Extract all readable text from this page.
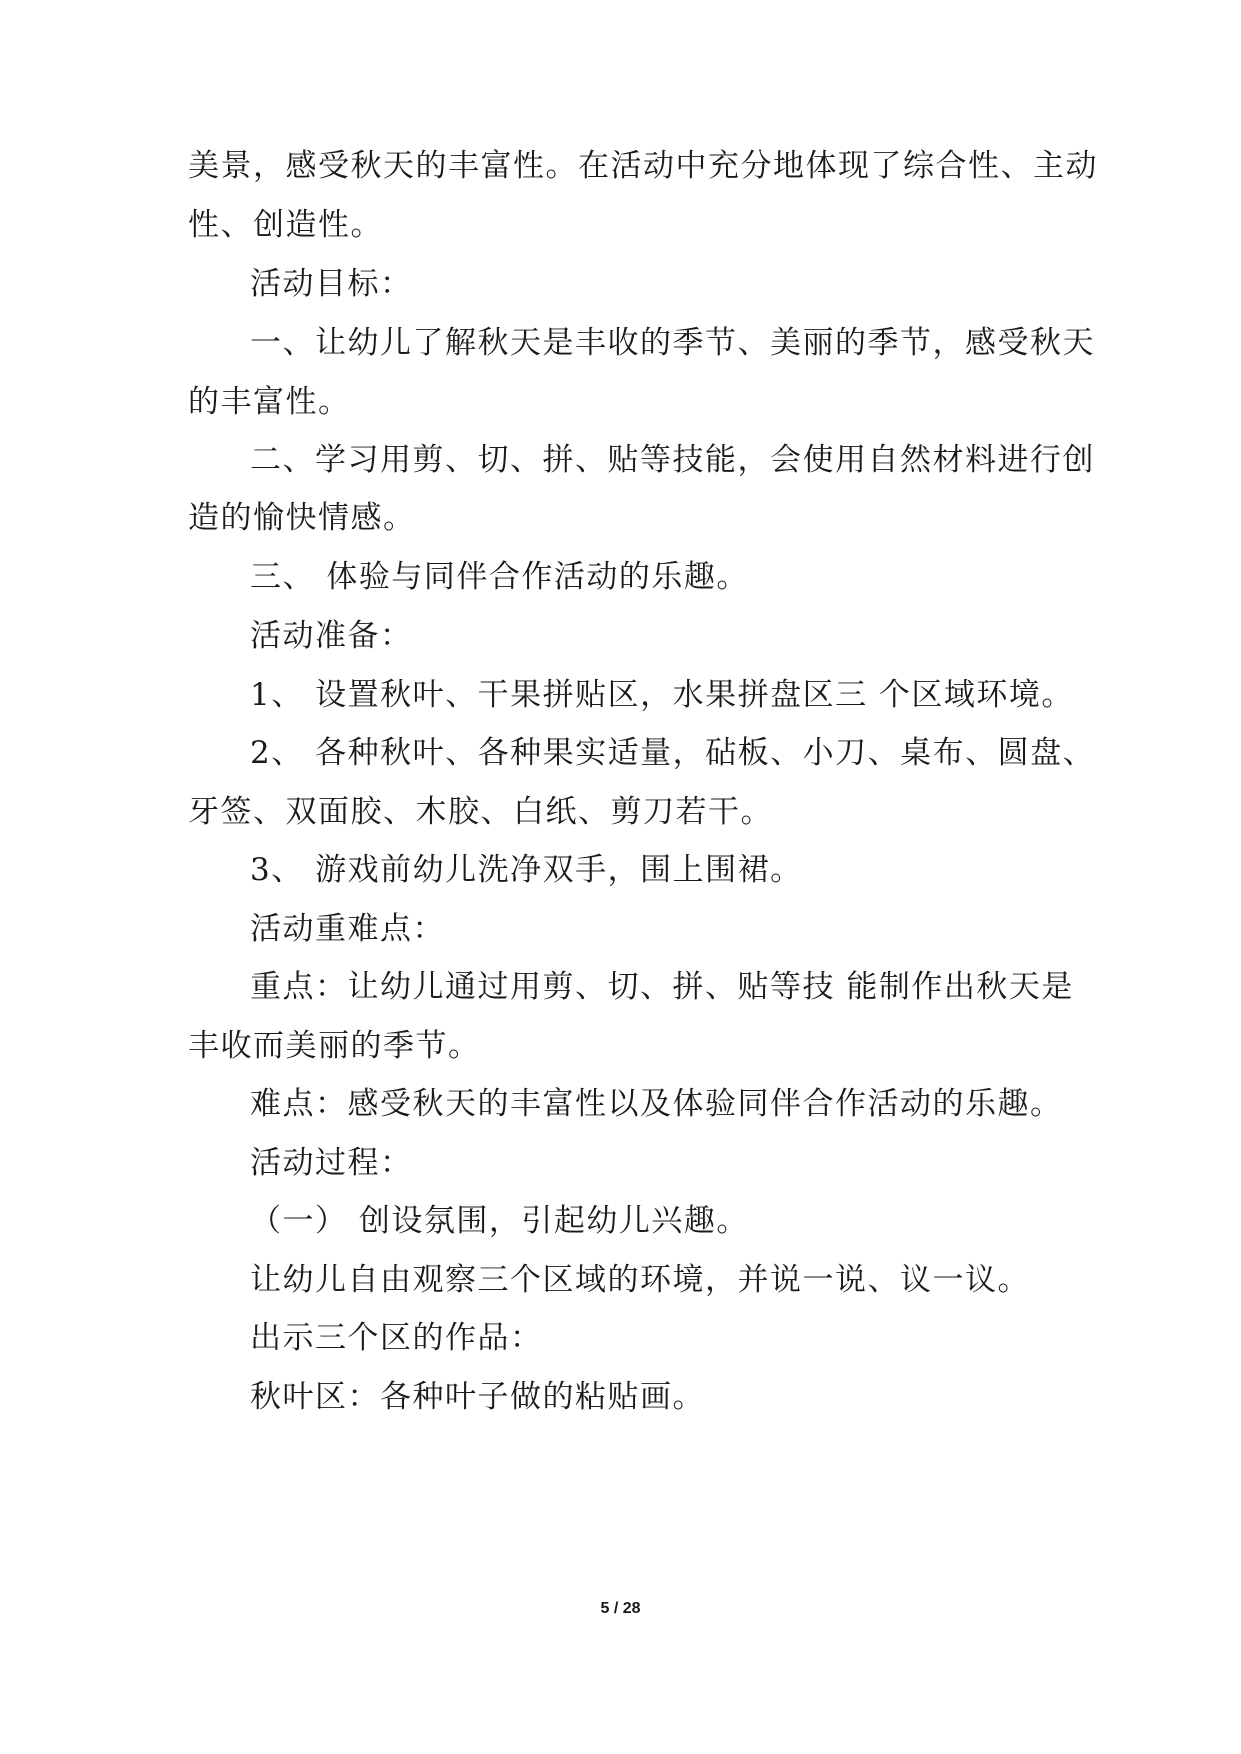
美景，感受秋天的丰富性。在活动中充分地体现了综合性、主动
性、创造性。
活动目标：
一、让幼儿了解秋天是丰收的季节、美丽的季节，感受秋天
的丰富性。
二、学习用剪、切、拼、贴等技能，会使用自然材料进行创
造的愉快情感。
三、 体验与同伴合作活动的乐趣。
活动准备：
1、 设置秋叶、干果拼贴区，水果拼盘区三 个区域环境。
2、 各种秋叶、各种果实适量，砧板、小刀、桌布、圆盘、
牙签、双面胶、木胶、白纸、剪刀若干。
3、 游戏前幼儿洗净双手，围上围裙。
活动重难点：
重点：让幼儿通过用剪、切、拼、贴等技 能制作出秋天是
丰收而美丽的季节。
难点：感受秋天的丰富性以及体验同伴合作活动的乐趣。
活动过程：
（一） 创设氛围，引起幼儿兴趣。
让幼儿自由观察三个区域的环境，并说一说、议一议。
出示三个区的作品：
秋叶区：各种叶子做的粘贴画。
5 / 28
